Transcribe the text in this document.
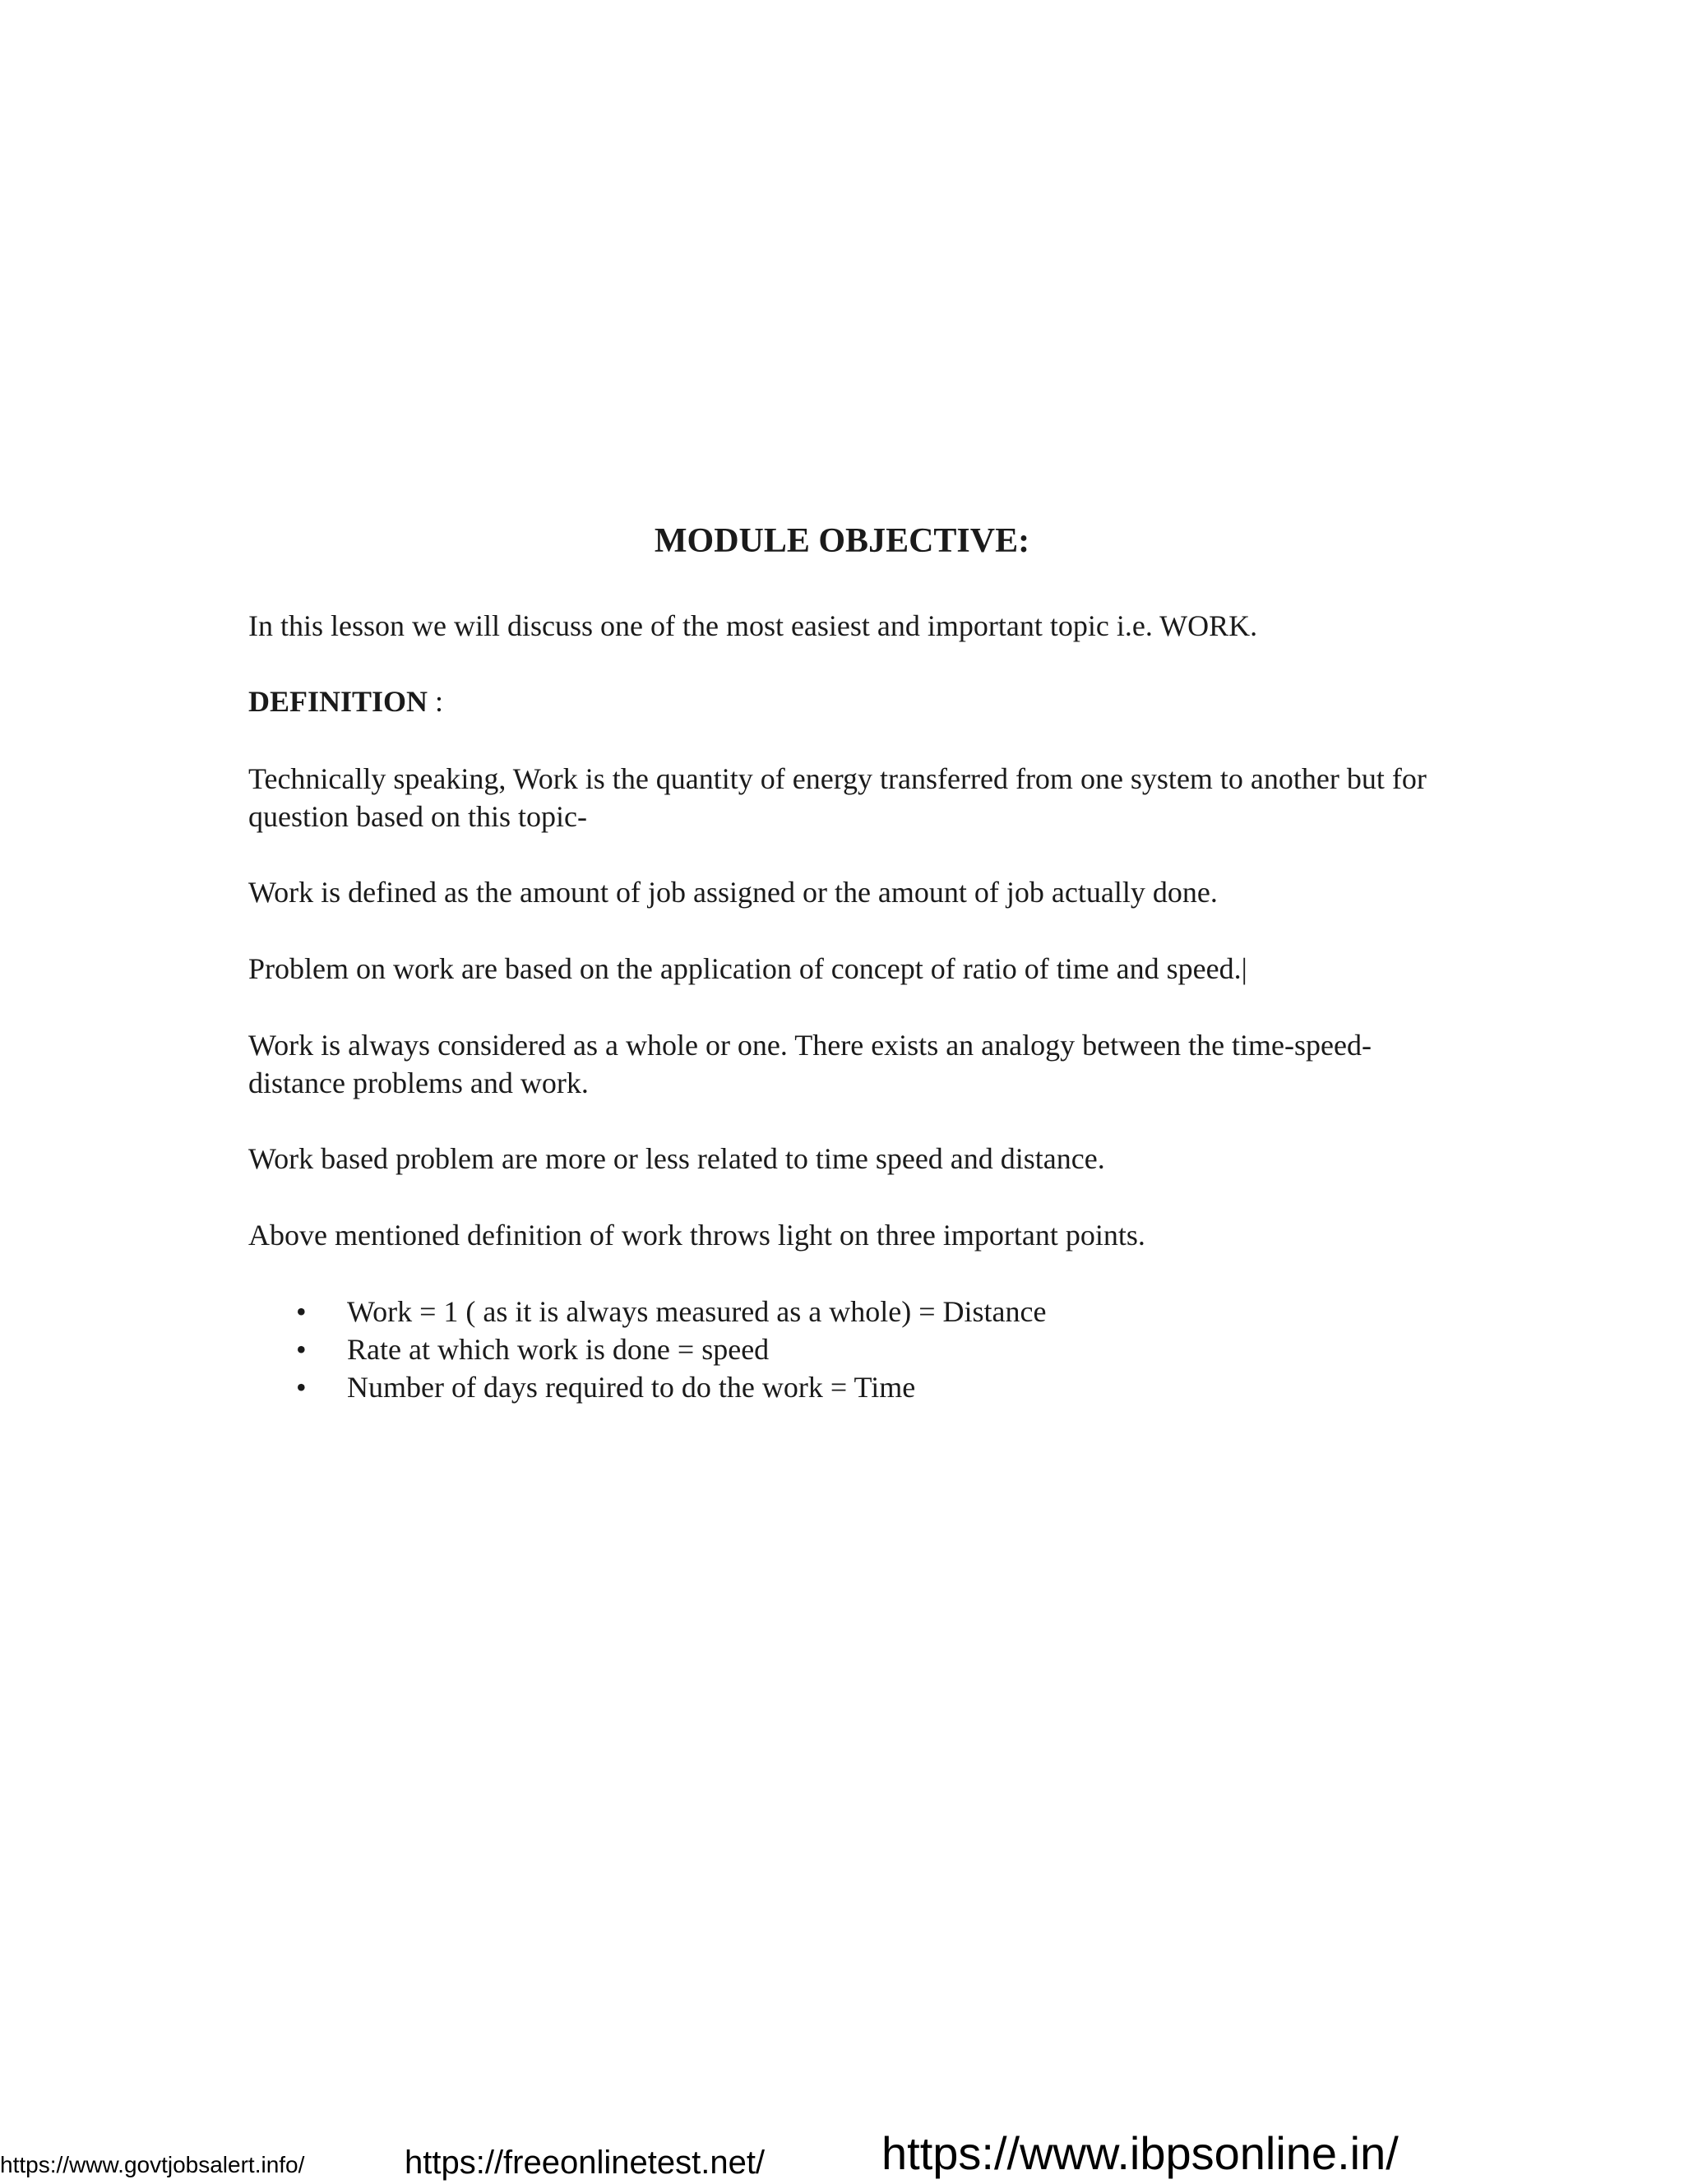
MODULE OBJECTIVE:
In this lesson we will discuss one of the most easiest and important topic i.e. WORK.
DEFINITION :
Technically speaking, Work is the quantity of energy transferred from one system to another but for question based on this topic-
Work is defined as the amount of job assigned or the amount of job actually done.
Problem on work are based on the application of concept of ratio of time and speed.|
Work is always considered as a whole or one. There exists an analogy between the time-speed-distance problems and work.
Work based problem are more or less related to time speed and distance.
Above mentioned definition of work throws light on three important points.
• Work = 1 ( as it is always measured as a whole) = Distance
• Rate at which work is done = speed
• Number of days required to do the work = Time
https://www.govtjobsalert.info/	https://freeonlinetest.net/	https://www.ibpsonline.in/
